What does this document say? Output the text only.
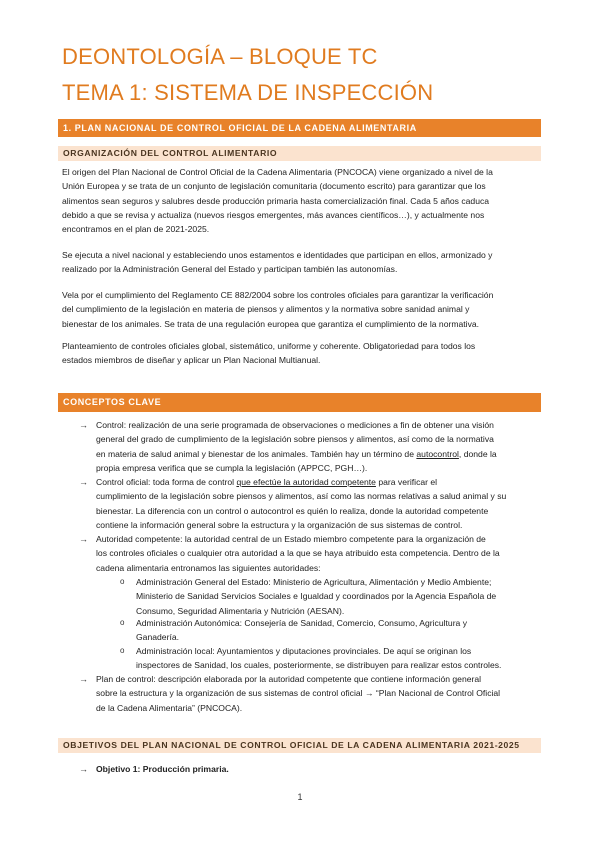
DEONTOLOGÍA – BLOQUE TC
TEMA 1: SISTEMA DE INSPECCIÓN
1. PLAN NACIONAL DE CONTROL OFICIAL DE LA CADENA ALIMENTARIA
ORGANIZACIÓN DEL CONTROL ALIMENTARIO
El origen del Plan Nacional de Control Oficial de la Cadena Alimentaria (PNCOCA) viene organizado a nivel de la
Unión Europea y se trata de un conjunto de legislación comunitaria (documento escrito) para garantizar que los
alimentos sean seguros y salubres desde producción primaria hasta comercialización final. Cada 5 años caduca
debido a que se revisa y actualiza (nuevos riesgos emergentes, más avances científicos…), y actualmente nos
encontramos en el plan de 2021-2025.
Se ejecuta a nivel nacional y estableciendo unos estamentos e identidades que participan en ellos, armonizado y
realizado por la Administración General del Estado y participan también las autonomías.
Vela por el cumplimiento del Reglamento CE 882/2004 sobre los controles oficiales para garantizar la verificación
del cumplimiento de la legislación en materia de piensos y alimentos y la normativa sobre sanidad animal y
bienestar de los animales. Se trata de una regulación europea que garantiza el cumplimiento de la normativa.
Planteamiento de controles oficiales global, sistemático, uniforme y coherente. Obligatoriedad para todos los
estados miembros de diseñar y aplicar un Plan Nacional Multianual.
CONCEPTOS CLAVE
→ Control: realización de una serie programada de observaciones o mediciones a fin de obtener una visión
general del grado de cumplimiento de la legislación sobre piensos y alimentos, así como de la normativa
en materia de salud animal y bienestar de los animales. También hay un término de autocontrol, donde la
propia empresa verifica que se cumpla la legislación (APPCC, PGH…).
→ Control oficial: toda forma de control que efectúe la autoridad competente para verificar el
cumplimiento de la legislación sobre piensos y alimentos, así como las normas relativas a salud animal y su
bienestar. La diferencia con un control o autocontrol es quién lo realiza, donde la autoridad competente
contiene la información general sobre la estructura y la organización de sus sistemas de control.
→ Autoridad competente: la autoridad central de un Estado miembro competente para la organización de
los controles oficiales o cualquier otra autoridad a la que se haya atribuido esta competencia. Dentro de la
cadena alimentaria entronamos las siguientes autoridades:
o Administración General del Estado: Ministerio de Agricultura, Alimentación y Medio Ambiente;
Ministerio de Sanidad Servicios Sociales e Igualdad y coordinados por la Agencia Española de
Consumo, Seguridad Alimentaria y Nutrición (AESAN).
o Administración Autonómica: Consejería de Sanidad, Comercio, Consumo, Agricultura y
Ganadería.
o Administración local: Ayuntamientos y diputaciones provinciales. De aquí se originan los
inspectores de Sanidad, los cuales, posteriormente, se distribuyen para realizar estos controles.
→ Plan de control: descripción elaborada por la autoridad competente que contiene información general
sobre la estructura y la organización de sus sistemas de control oficial → “Plan Nacional de Control Oficial
de la Cadena Alimentaria” (PNCOCA).
OBJETIVOS DEL PLAN NACIONAL DE CONTROL OFICIAL DE LA CADENA ALIMENTARIA 2021-2025
→ Objetivo 1: Producción primaria.
1
